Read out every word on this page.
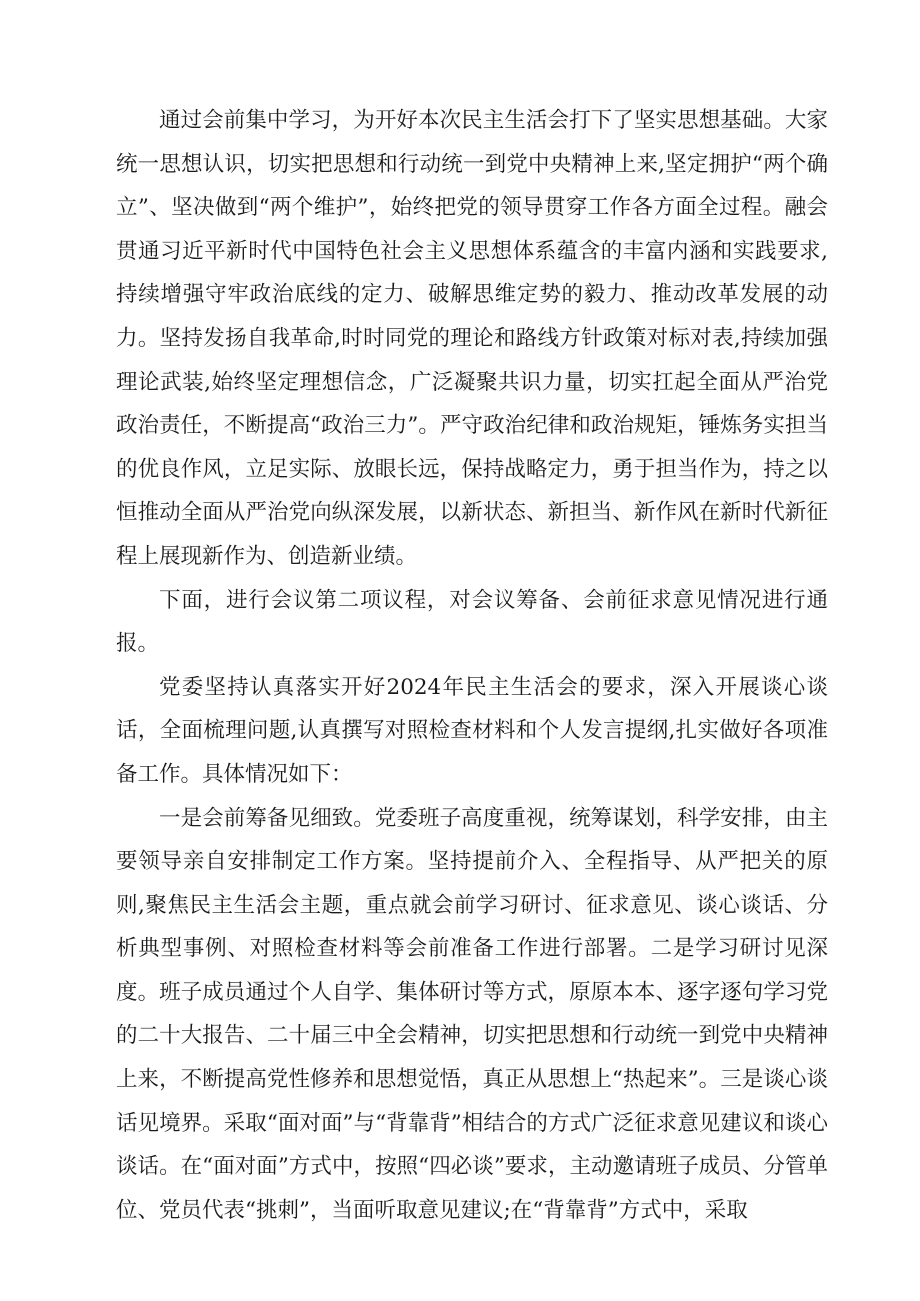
通过会前集中学习，为开好本次民主生活会打下了坚实思想基础。大家统一思想认识，切实把思想和行动统一到党中央精神上来,坚定拥护“两个确立”、坚决做到“两个维护”，始终把党的领导贯穿工作各方面全过程。融会贯通习近平新时代中国特色社会主义思想体系蕴含的丰富内涵和实践要求,持续增强守牢政治底线的定力、破解思维定势的毅力、推动改革发展的动力。坚持发扬自我革命,时时同党的理论和路线方针政策对标对表,持续加强理论武装,始终坚定理想信念，广泛凝聚共识力量，切实扛起全面从严治党政治责任，不断提高“政治三力”。严守政治纪律和政治规矩，锤炼务实担当的优良作风，立足实际、放眼长远，保持战略定力，勇于担当作为，持之以恒推动全面从严治党向纵深发展，以新状态、新担当、新作风在新时代新征程上展现新作为、创造新业绩。

下面，进行会议第二项议程，对会议筹备、会前征求意见情况进行通报。

党委坚持认真落实开好2024年民主生活会的要求，深入开展谈心谈话，全面梳理问题,认真撰写对照检查材料和个人发言提纲,扎实做好各项准备工作。具体情况如下：

一是会前筹备见细致。党委班子高度重视，统筹谋划，科学安排，由主要领导亲自安排制定工作方案。坚持提前介入、全程指导、从严把关的原则,聚焦民主生活会主题，重点就会前学习研讨、征求意见、谈心谈话、分析典型事例、对照检查材料等会前准备工作进行部署。二是学习研讨见深度。班子成员通过个人自学、集体研讨等方式，原原本本、逐字逐句学习党的二十大报告、二十届三中全会精神，切实把思想和行动统一到党中央精神上来，不断提高党性修养和思想觉悟，真正从思想上“热起来”。三是谈心谈话见境界。采取“面对面”与“背靠背”相结合的方式广泛征求意见建议和谈心谈话。在“面对面”方式中，按照“四必谈”要求，主动邀请班子成员、分管单位、党员代表“挑刺”，当面听取意见建议;在“背靠背”方式中，采取
